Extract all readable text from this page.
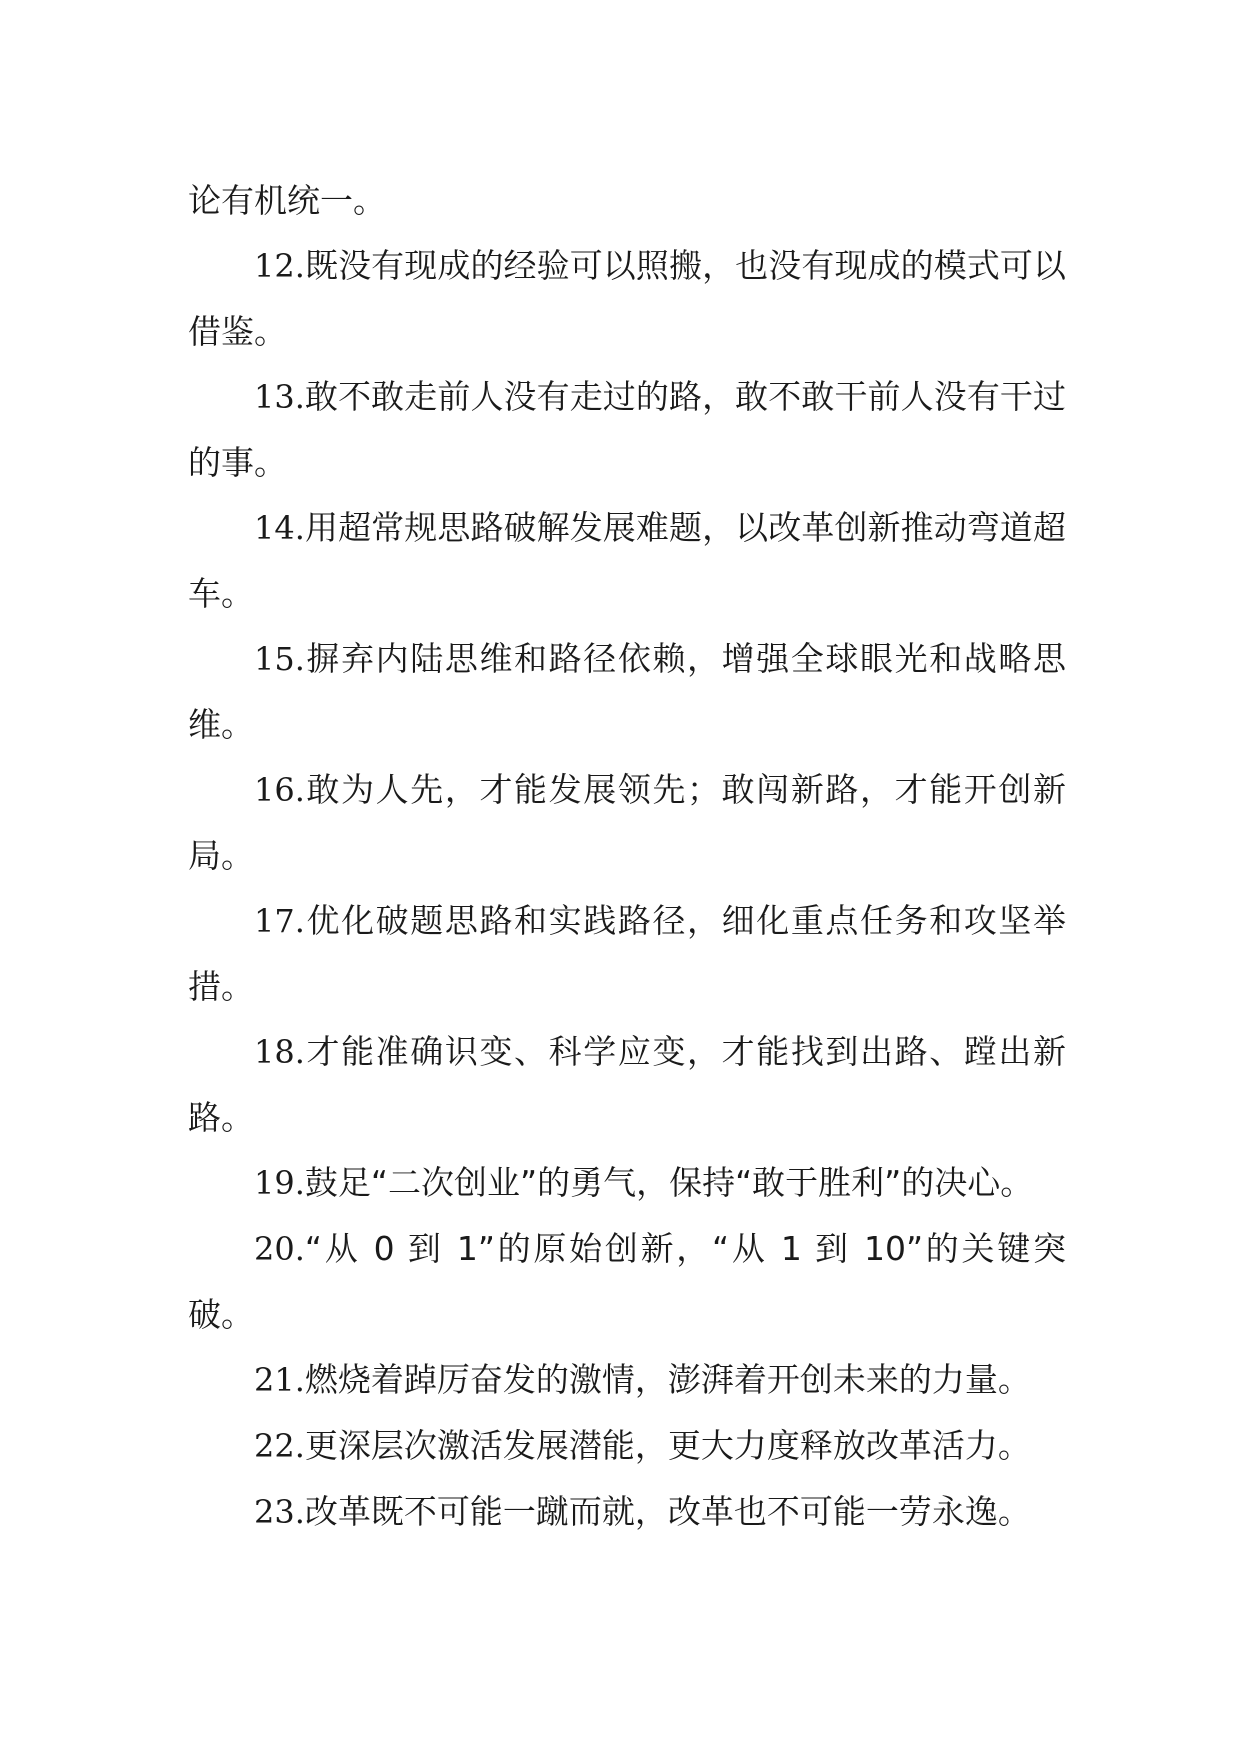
论有机统一。

12.既没有现成的经验可以照搬，也没有现成的模式可以借鉴。

13.敢不敢走前人没有走过的路，敢不敢干前人没有干过的事。

14.用超常规思路破解发展难题，以改革创新推动弯道超车。

15.摒弃内陆思维和路径依赖，增强全球眼光和战略思维。

16.敢为人先，才能发展领先；敢闯新路，才能开创新局。

17.优化破题思路和实践路径，细化重点任务和攻坚举措。

18.才能准确识变、科学应变，才能找到出路、蹚出新路。

19.鼓足“二次创业”的勇气，保持“敢于胜利”的决心。

20.“从 0 到 1”的原始创新，“从 1 到 10”的关键突破。

21.燃烧着踔厉奋发的激情，澎湃着开创未来的力量。

22.更深层次激活发展潜能，更大力度释放改革活力。

23.改革既不可能一蹴而就，改革也不可能一劳永逸。
